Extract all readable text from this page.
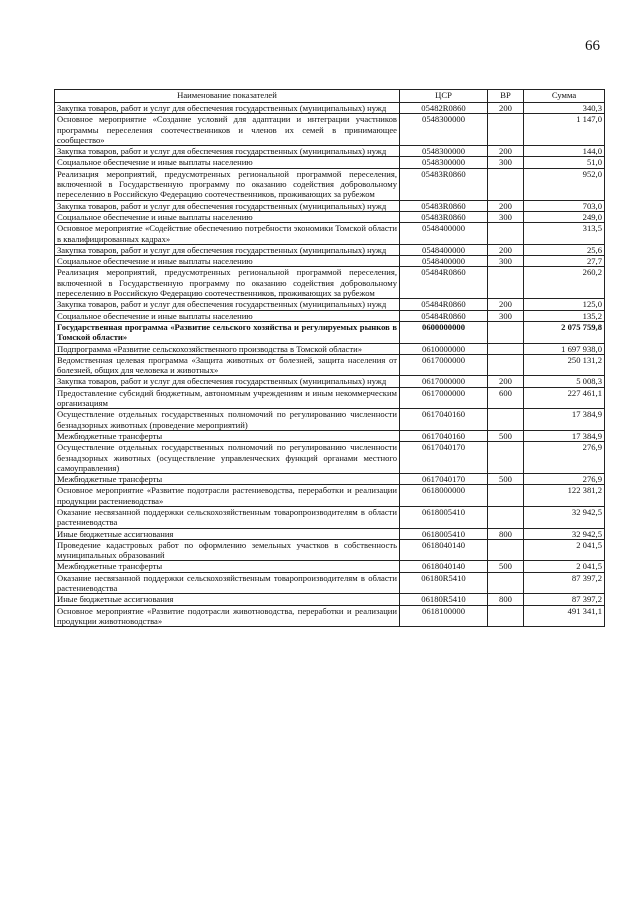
66
Наименование показателей	ЦСР	ВР	Сумма
Закупка товаров, работ и услуг для обеспечения государственных (муниципальных) нужд	05482R0860	200	340,3
Основное мероприятие «Создание условий для адаптации и интеграции участников программы переселения соотечественников и членов их семей в принимающее сообщество»	0548300000		1 147,0
Закупка товаров, работ и услуг для обеспечения государственных (муниципальных) нужд	0548300000	200	144,0
Социальное обеспечение и иные выплаты населению	0548300000	300	51,0
Реализация мероприятий, предусмотренных региональной программой переселения, включенной в Государственную программу по оказанию содействия добровольному переселению в Российскую Федерацию соотечественников, проживающих за рубежом	05483R0860		952,0
Закупка товаров, работ и услуг для обеспечения государственных (муниципальных) нужд	05483R0860	200	703,0
Социальное обеспечение и иные выплаты населению	05483R0860	300	249,0
Основное мероприятие «Содействие обеспечению потребности экономики Томской области в квалифицированных кадрах»	0548400000		313,5
Закупка товаров, работ и услуг для обеспечения государственных (муниципальных) нужд	0548400000	200	25,6
Социальное обеспечение и иные выплаты населению	0548400000	300	27,7
Реализация мероприятий, предусмотренных региональной программой переселения, включенной в Государственную программу по оказанию содействия добровольному переселению в Российскую Федерацию соотечественников, проживающих за рубежом	05484R0860		260,2
Закупка товаров, работ и услуг для обеспечения государственных (муниципальных) нужд	05484R0860	200	125,0
Социальное обеспечение и иные выплаты населению	05484R0860	300	135,2
Государственная программа «Развитие сельского хозяйства и регулируемых рынков в Томской области»	0600000000		2 075 759,8
Подпрограмма «Развитие сельскохозяйственного производства в Томской области»	0610000000		1 697 938,0
Ведомственная целевая программа «Защита животных от болезней, защита населения от болезней, общих для человека и животных»	0617000000		250 131,2
Закупка товаров, работ и услуг для обеспечения государственных (муниципальных) нужд	0617000000	200	5 008,3
Предоставление субсидий бюджетным, автономным учреждениям и иным некоммерческим организациям	0617000000	600	227 461,1
Осуществление отдельных государственных полномочий по регулированию численности безнадзорных животных (проведение мероприятий)	0617040160		17 384,9
Межбюджетные трансферты	0617040160	500	17 384,9
Осуществление отдельных государственных полномочий по регулированию численности безнадзорных животных (осуществление управленческих функций органами местного самоуправления)	0617040170		276,9
Межбюджетные трансферты	0617040170	500	276,9
Основное мероприятие «Развитие подотрасли растениеводства, переработки и реализации продукции растениеводства»	0618000000		122 381,2
Оказание несвязанной поддержки сельскохозяйственным товаропроизводителям в области растениеводства	0618005410		32 942,5
Иные бюджетные ассигнования	0618005410	800	32 942,5
Проведение кадастровых работ по оформлению земельных участков в собственность муниципальных образований	0618040140		2 041,5
Межбюджетные трансферты	0618040140	500	2 041,5
Оказание несвязанной поддержки сельскохозяйственным товаропроизводителям в области растениеводства	06180R5410		87 397,2
Иные бюджетные ассигнования	06180R5410	800	87 397,2
Основное мероприятие «Развитие подотрасли животноводства, переработки и реализации продукции животноводства»	0618100000		491 341,1
